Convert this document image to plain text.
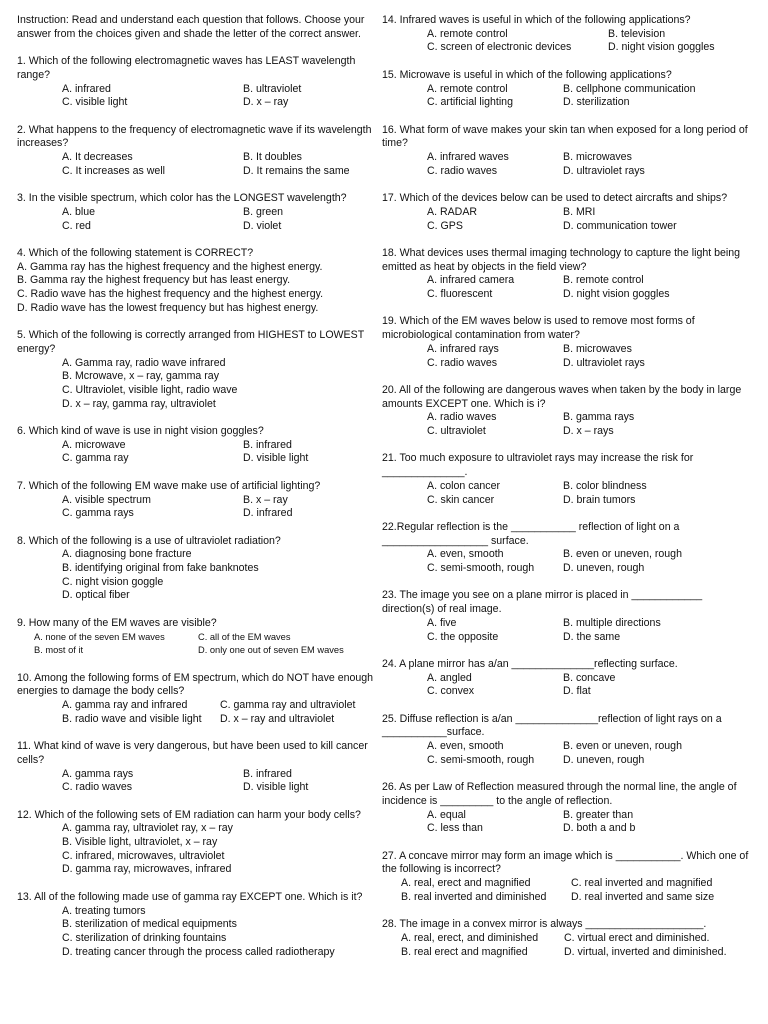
Instruction: Read and understand each question that follows. Choose your answer from the choices given and shade the letter of the correct answer.

1. Which of the following electromagnetic waves has LEAST wavelength range?

A. infrared	B. ultraviolet
C. visible light	D. x – ray

2. What happens to the frequency of electromagnetic wave if its wavelength increases?

A. It decreases	B. It doubles
C. It increases as well	D. It remains the same

3. In the visible spectrum, which color has the LONGEST wavelength?

A. blue	B. green
C. red	D. violet

4. Which of the following statement is CORRECT?

A. Gamma ray has the highest frequency and the highest energy.
B. Gamma ray the highest frequency but has least energy.
C. Radio wave has the highest frequency and the highest energy.
D. Radio wave has the lowest frequency but has highest energy.

5. Which of the following is correctly arranged from HIGHEST to LOWEST energy?

A. Gamma ray, radio wave infrared
B. Mcrowave, x – ray, gamma ray
C. Ultraviolet, visible light, radio wave
D. x – ray, gamma ray, ultraviolet

6. Which kind of wave is use in night vision goggles?

A. microwave	B. infrared
C. gamma ray	D. visible light

7. Which of the following EM wave make use of artificial lighting?

A. visible spectrum	B. x – ray
C. gamma rays	D. infrared

8. Which of the following is a use of ultraviolet radiation?

A. diagnosing bone fracture
B. identifying original from fake banknotes
C. night vision goggle
D. optical fiber

9. How many of the EM waves are visible?

A. none of the seven EM waves	C. all of the EM waves
B. most of it	D. only one out of seven EM waves

10. Among the following forms of EM spectrum, which do NOT have enough energies to damage the body cells?

A. gamma ray and infrared	C. gamma ray and ultraviolet
B. radio wave and visible light	D. x – ray and ultraviolet

11. What kind of wave is very dangerous, but have been used to kill cancer cells?

A. gamma rays	B. infrared
C. radio waves	D. visible light

12. Which of the following sets of EM radiation can harm your body cells?

A. gamma ray, ultraviolet ray, x – ray
B. Visible light, ultraviolet, x – ray
C. infrared, microwaves, ultraviolet
D. gamma ray, microwaves, infrared

13. All of the following made use of gamma ray EXCEPT one. Which is it?

A. treating tumors
B. sterilization of medical equipments
C. sterilization of drinking fountains
D. treating cancer through the process called radiotherapy

14. Infrared waves is useful in which of the following applications?

A. remote control	B. television
C. screen of electronic devices	D. night vision goggles

15. Microwave is useful in which of the following applications?

A. remote control	B. cellphone communication
C. artificial lighting	D. sterilization

16. What form of wave makes your skin tan when exposed for a long period of time?

A. infrared waves	B. microwaves
C. radio waves	D. ultraviolet rays

17. Which of the devices below can be used to detect aircrafts and ships?

A. RADAR	B. MRI
C. GPS	D. communication tower

18. What devices uses thermal imaging technology to capture the light being emitted as heat by objects in the field view?

A. infrared camera	B. remote control
C. fluorescent	D. night vision goggles

19. Which of the EM waves below is used to remove most forms of microbiological contamination from water?

A. infrared rays	B. microwaves
C. radio waves	D. ultraviolet rays

20. All of the following are dangerous waves when taken by the body in large amounts EXCEPT one. Which is i?

A. radio waves	B. gamma rays
C. ultraviolet	D. x – rays

21. Too much exposure to ultraviolet rays may increase the risk for ______________.

A. colon cancer	B. color blindness
C. skin cancer	D. brain tumors

22.Regular reflection is the ___________ reflection of light on a __________________ surface.

A. even, smooth	B. even or uneven, rough
C. semi-smooth, rough	D. uneven, rough

23. The image you see on a plane mirror is placed in ____________ direction(s) of real image.

A. five	B. multiple directions
C. the opposite	D. the same

24. A plane mirror has a/an ______________reflecting surface.

A. angled	B. concave
C. convex	D. flat

25. Diffuse reflection is a/an ______________reflection of light rays on a ___________surface.

A. even, smooth	B. even or uneven, rough
C. semi-smooth, rough	D. uneven, rough

26. As per Law of Reflection measured through the normal line, the angle of incidence is _________ to the angle of reflection.

A. equal	B. greater than
C. less than	D. both a and b

27. A concave mirror may form an image which is ___________. Which one of the following is incorrect?

A. real, erect and magnified	C. real inverted and magnified
B. real inverted and diminished	D. real inverted and same size

28. The image in a convex mirror is always ____________________.

A. real, erect, and diminished	C. virtual erect and diminished.
B. real erect and magnified	D. virtual, inverted and diminished.
